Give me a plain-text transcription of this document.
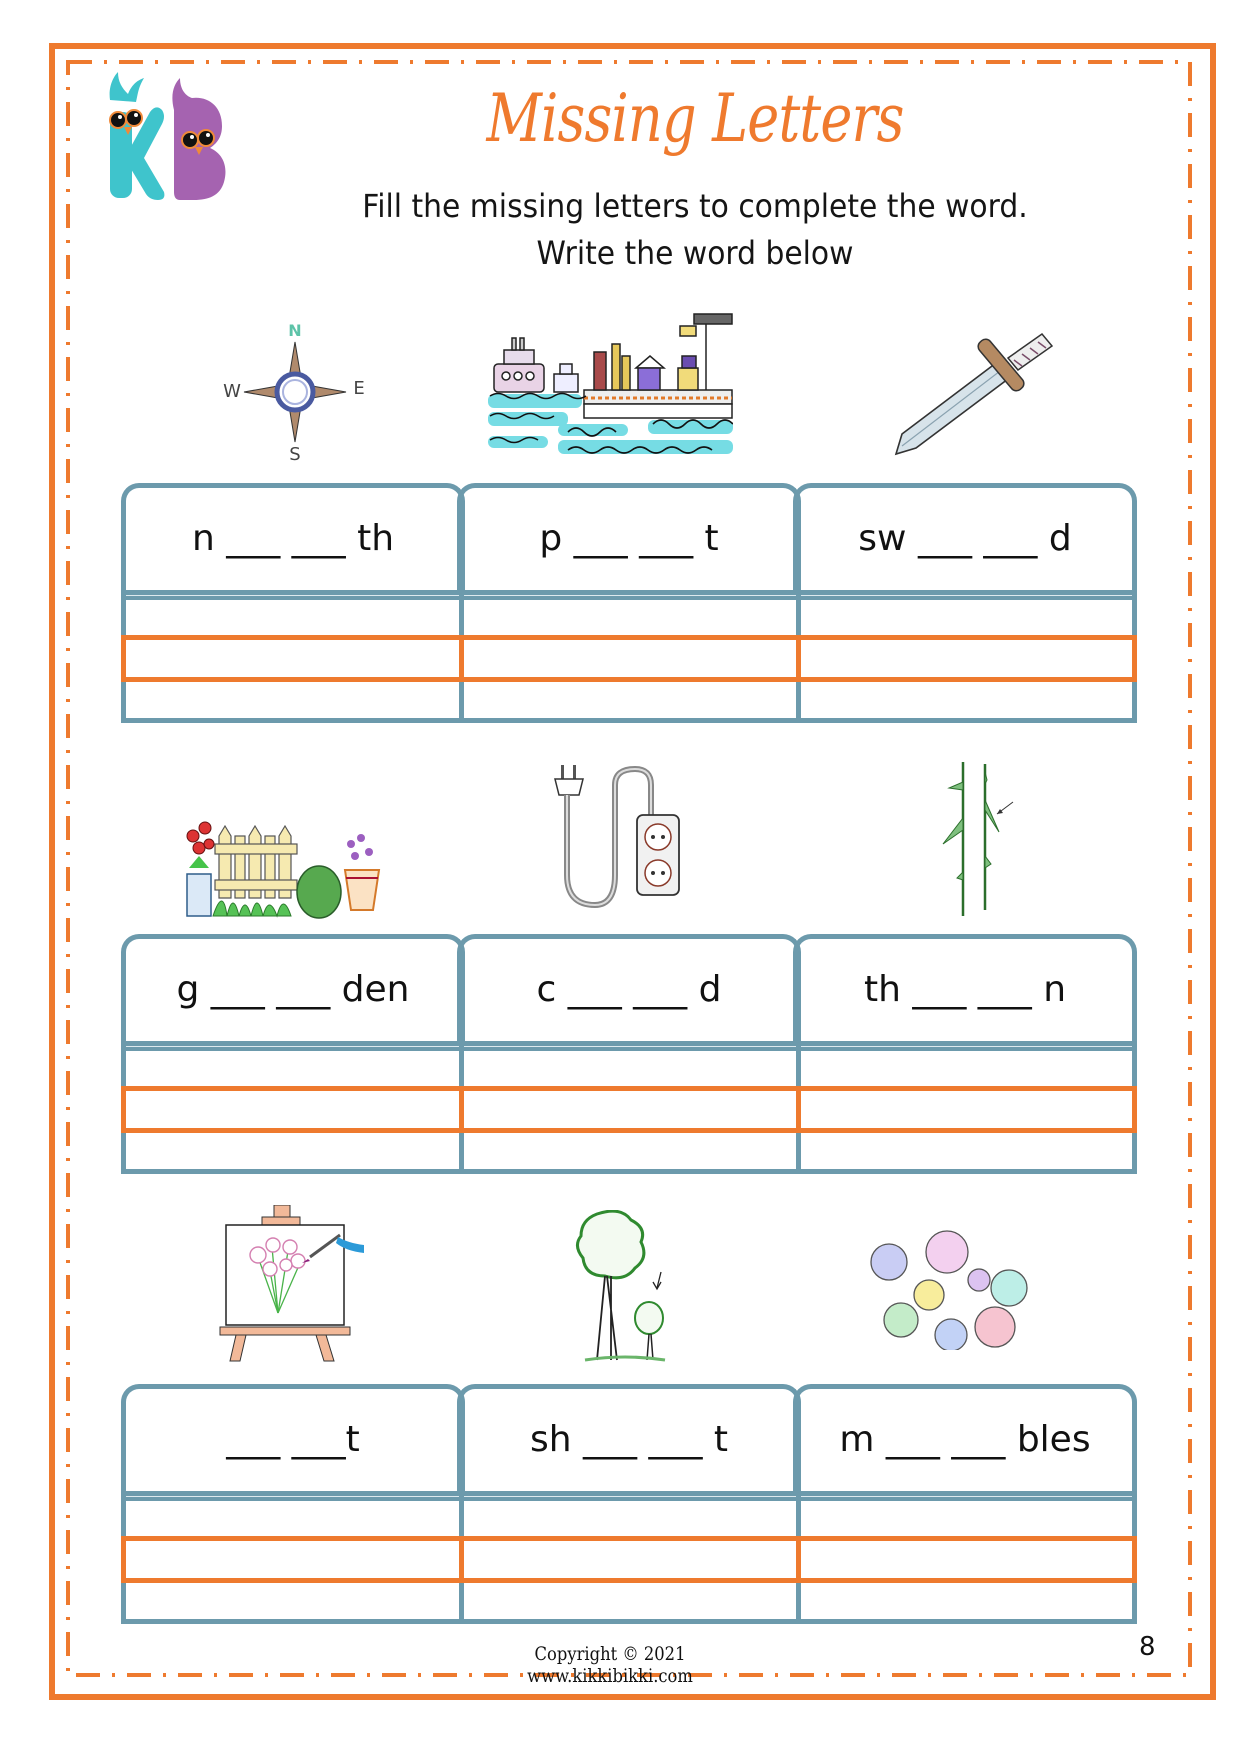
Missing Letters
Fill the missing letters to complete the word.
Write the word below
N
W	E
S
n ___ ___ th	p ___ ___ t	sw ___ ___ d
g ___ ___ den	c ___ ___ d	th ___ ___ n
___ ___t	sh ___ ___ t	m ___ ___ bles
Copyright © 2021 www.kikkibikki.com
8
